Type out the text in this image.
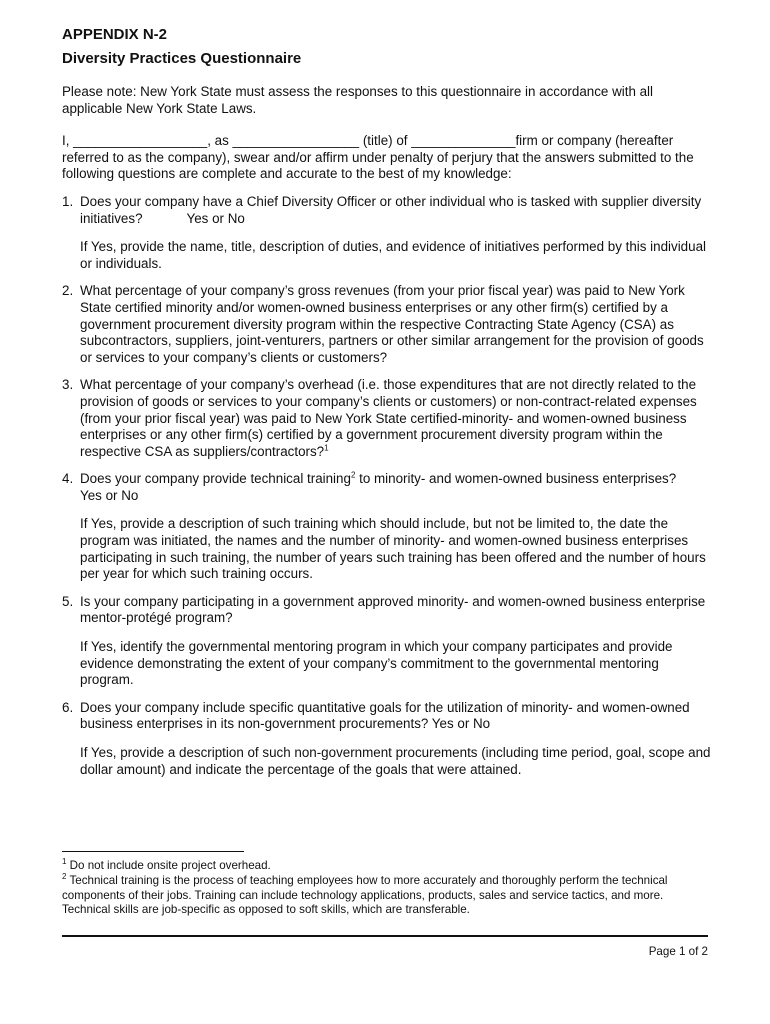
APPENDIX N-2
Diversity Practices Questionnaire

Please note: New York State must assess the responses to this questionnaire in accordance with all applicable New York State Laws.

I, __________________, as _________________ (title) of ______________firm or company (hereafter referred to as the company), swear and/or affirm under penalty of perjury that the answers submitted to the following questions are complete and accurate to the best of my knowledge:

1. Does your company have a Chief Diversity Officer or other individual who is tasked with supplier diversity initiatives?	Yes or No

If Yes, provide the name, title, description of duties, and evidence of initiatives performed by this individual or individuals.

2. What percentage of your company’s gross revenues (from your prior fiscal year) was paid to New York State certified minority and/or women-owned business enterprises or any other firm(s) certified by a government procurement diversity program within the respective Contracting State Agency (CSA) as subcontractors, suppliers, joint-venturers, partners or other similar arrangement for the provision of goods or services to your company’s clients or customers?
3. What percentage of your company’s overhead (i.e. those expenditures that are not directly related to the provision of goods or services to your company’s clients or customers) or non-contract-related expenses (from your prior fiscal year) was paid to New York State certified-minority- and women-owned business enterprises or any other firm(s) certified by a government procurement diversity program within the respective CSA as suppliers/contractors?$^1$
4. Does your company provide technical training$^2$ to minority- and women-owned business enterprises?
Yes or No

If Yes, provide a description of such training which should include, but not be limited to, the date the program was initiated, the names and the number of minority- and women-owned business enterprises participating in such training, the number of years such training has been offered and the number of hours per year for which such training occurs.

5. Is your company participating in a government approved minority- and women-owned business enterprise mentor-protégé program?

If Yes, identify the governmental mentoring program in which your company participates and provide evidence demonstrating the extent of your company’s commitment to the governmental mentoring program.

6. Does your company include specific quantitative goals for the utilization of minority- and women-owned business enterprises in its non-government procurements? Yes or No

If Yes, provide a description of such non-government procurements (including time period, goal, scope and dollar amount) and indicate the percentage of the goals that were attained.

$^1$ Do not include onsite project overhead.

$^2$ Technical training is the process of teaching employees how to more accurately and thoroughly perform the technical components of their jobs. Training can include technology applications, products, sales and service tactics, and more. Technical skills are job-specific as opposed to soft skills, which are transferable.

Page 1 of 2
